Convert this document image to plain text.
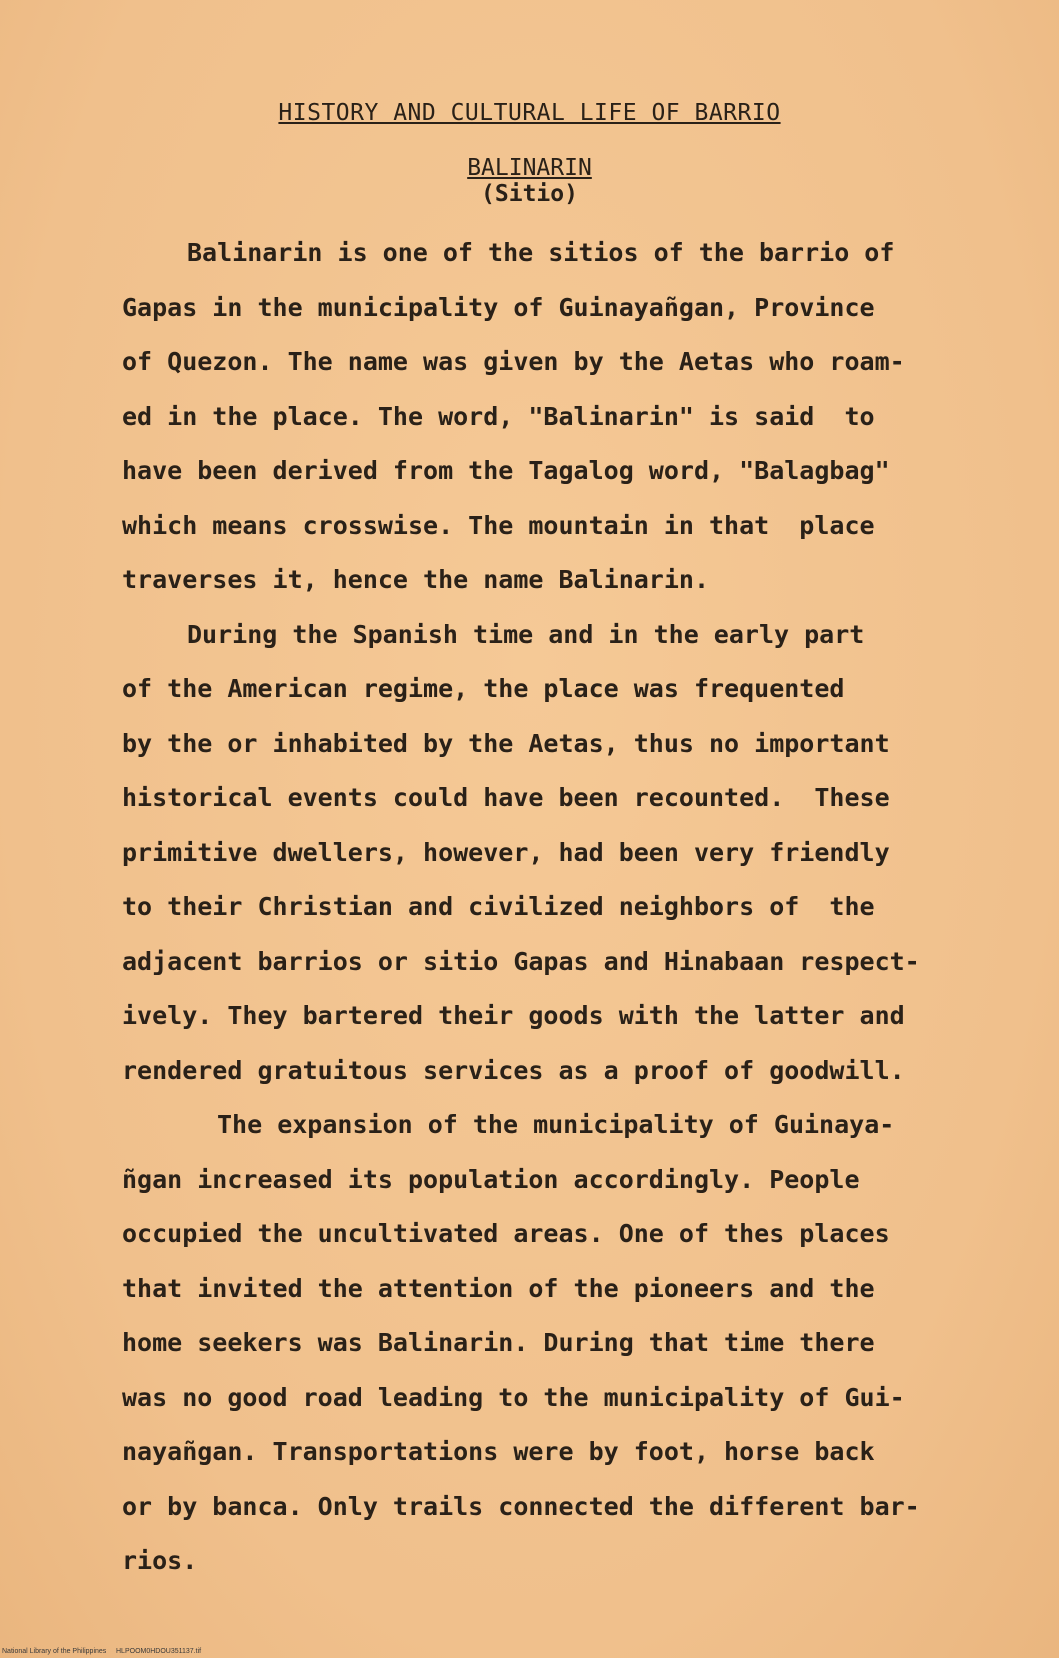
HISTORY AND CULTURAL LIFE OF BARRIO
BALINARIN
(Sitio)
Balinarin is one of the sitios of the barrio of
Gapas in the municipality of Guinayañgan, Province
of Quezon. The name was given by the Aetas who roam-
ed in the place. The word, "Balinarin" is said  to
have been derived from the Tagalog word, "Balagbag"
which means crosswise. The mountain in that  place
traverses it, hence the name Balinarin.
During the Spanish time and in the early part
of the American regime, the place was frequented
by the or inhabited by the Aetas, thus no important
historical events could have been recounted.  These
primitive dwellers, however, had been very friendly
to their Christian and civilized neighbors of  the
adjacent barrios or sitio Gapas and Hinabaan respect-
ively. They bartered their goods with the latter and
rendered gratuitous services as a proof of goodwill.
The expansion of the municipality of Guinaya-
ñgan increased its population accordingly. People
occupied the uncultivated areas. One of thes places
that invited the attention of the pioneers and the
home seekers was Balinarin. During that time there
was no good road leading to the municipality of Gui-
nayañgan. Transportations were by foot, horse back
or by banca. Only trails connected the different bar-
rios.
National Library of the Philippines     HLPOOM0HDOU351137.tif
